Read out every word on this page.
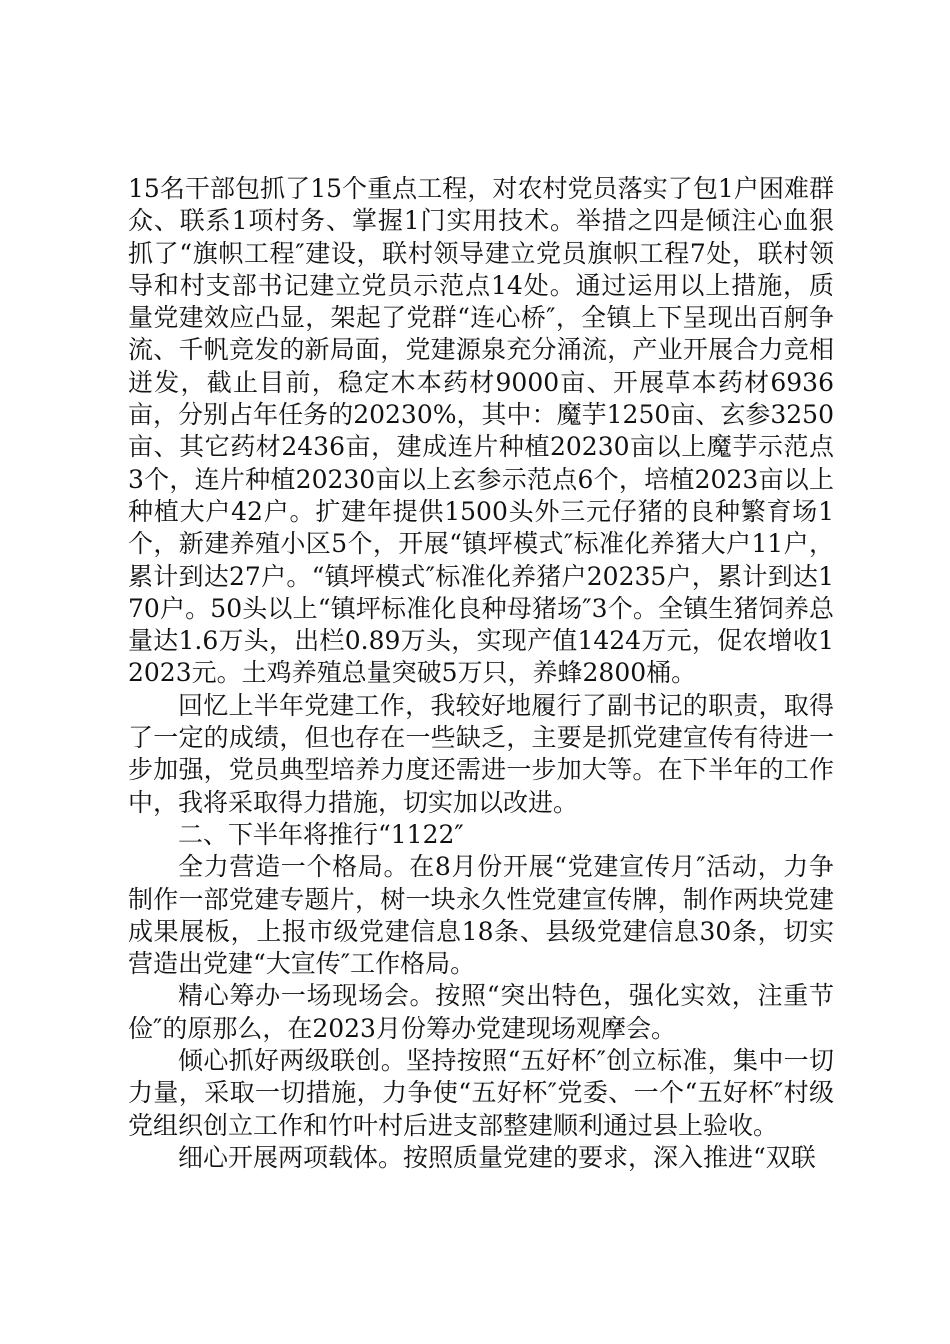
15名干部包抓了15个重点工程，对农村党员落实了包1户困难群众、联系1项村务、掌握1门实用技术。举措之四是倾注心血狠抓了“旗帜工程″建设，联村领导建立党员旗帜工程7处，联村领导和村支部书记建立党员示范点14处。通过运用以上措施，质量党建效应凸显，架起了党群“连心桥″，全镇上下呈现出百舸争流、千帆竞发的新局面，党建源泉充分涌流，产业开展合力竞相迸发，截止目前，稳定木本药材9000亩、开展草本药材6936亩，分别占年任务的20230%，其中：魔芋1250亩、玄参3250亩、其它药材2436亩，建成连片种植20230亩以上魔芋示范点3个，连片种植20230亩以上玄参示范点6个，培植2023亩以上种植大户42户。扩建年提供1500头外三元仔猪的良种繁育场1个，新建养殖小区5个，开展“镇坪模式″标准化养猪大户11户，累计到达27户。“镇坪模式″标准化养猪户20235户，累计到达170户。50头以上“镇坪标准化良种母猪场″3个。全镇生猪饲养总量达1.6万头，出栏0.89万头，实现产值1424万元，促农增收12023元。土鸡养殖总量突破5万只，养蜂2800桶。

回忆上半年党建工作，我较好地履行了副书记的职责，取得了一定的成绩，但也存在一些缺乏，主要是抓党建宣传有待进一步加强，党员典型培养力度还需进一步加大等。在下半年的工作中，我将采取得力措施，切实加以改进。

二、下半年将推行“1122″

全力营造一个格局。在8月份开展“党建宣传月″活动，力争制作一部党建专题片，树一块永久性党建宣传牌，制作两块党建成果展板，上报市级党建信息18条、县级党建信息30条，切实营造出党建“大宣传″工作格局。

精心筹办一场现场会。按照“突出特色，强化实效，注重节俭″的原那么，在2023月份筹办党建现场观摩会。

倾心抓好两级联创。坚持按照“五好杯″创立标准，集中一切力量，采取一切措施，力争使“五好杯″党委、一个“五好杯″村级党组织创立工作和竹叶村后进支部整建顺利通过县上验收。

细心开展两项载体。按照质量党建的要求，深入推进“双联
